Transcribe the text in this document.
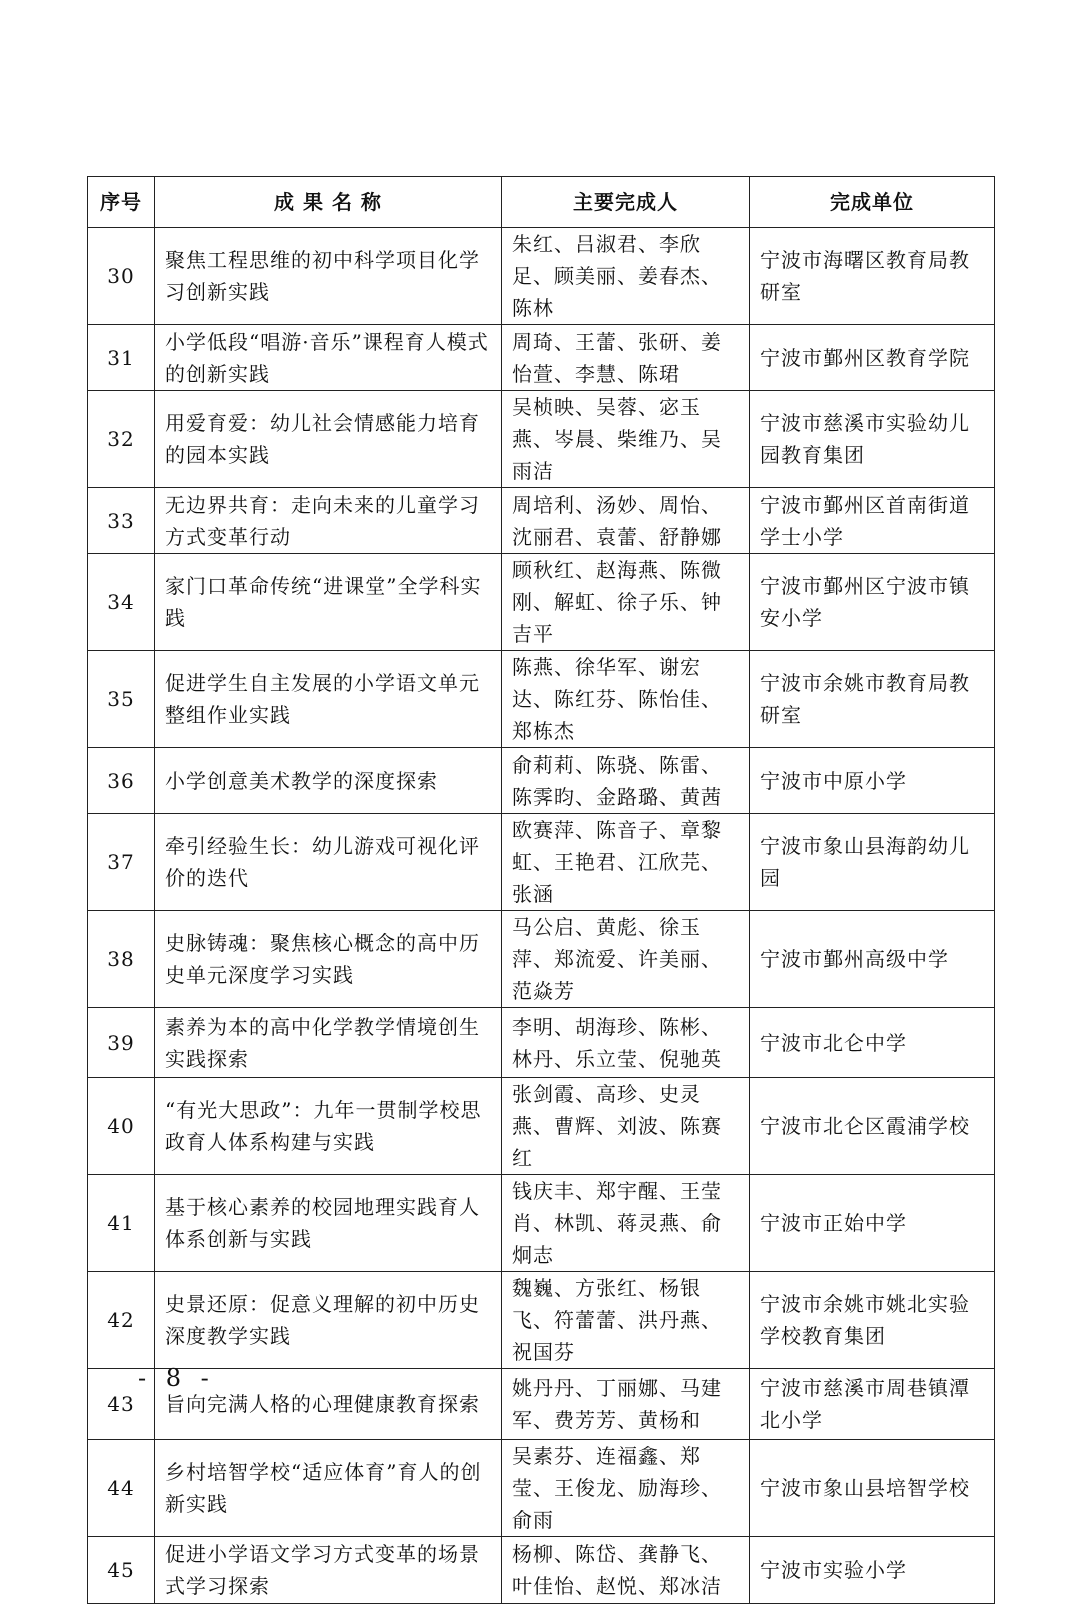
序号	成 果 名 称	主要完成人	完成单位
30	聚焦工程思维的初中科学项目化学习创新实践	朱红、吕淑君、李欣足、顾美丽、姜春杰、陈林	宁波市海曙区教育局教研室
31	小学低段“唱游·音乐”课程育人模式的创新实践	周琦、王蕾、张研、姜怡萱、李慧、陈珺	宁波市鄞州区教育学院
32	用爱育爱：幼儿社会情感能力培育的园本实践	吴桢映、吴蓉、宓玉燕、岑晨、柴维乃、吴雨洁	宁波市慈溪市实验幼儿园教育集团
33	无边界共育：走向未来的儿童学习方式变革行动	周培利、汤妙、周怡、沈丽君、袁蕾、舒静娜	宁波市鄞州区首南街道学士小学
34	家门口革命传统“进课堂”全学科实践	顾秋红、赵海燕、陈微刚、解虹、徐子乐、钟吉平	宁波市鄞州区宁波市镇安小学
35	促进学生自主发展的小学语文单元整组作业实践	陈燕、徐华军、谢宏达、陈红芬、陈怡佳、郑栋杰	宁波市余姚市教育局教研室
36	小学创意美术教学的深度探索	俞莉莉、陈骁、陈雷、陈霁昀、金路璐、黄茜	宁波市中原小学
37	牵引经验生长：幼儿游戏可视化评价的迭代	欧赛萍、陈音子、章黎虹、王艳君、江欣芫、张涵	宁波市象山县海韵幼儿园
38	史脉铸魂：聚焦核心概念的高中历史单元深度学习实践	马公启、黄彪、徐玉萍、郑流爱、许美丽、范焱芳	宁波市鄞州高级中学
39	素养为本的高中化学教学情境创生实践探索	李明、胡海珍、陈彬、林丹、乐立莹、倪驰英	宁波市北仑中学
40	“有光大思政”：九年一贯制学校思政育人体系构建与实践	张剑霞、高珍、史灵燕、曹辉、刘波、陈赛红	宁波市北仑区霞浦学校
41	基于核心素养的校园地理实践育人体系创新与实践	钱庆丰、郑宇醒、王莹肖、林凯、蒋灵燕、俞炯志	宁波市正始中学
42	史景还原：促意义理解的初中历史深度教学实践	魏巍、方张红、杨银飞、符蕾蕾、洪丹燕、祝国芬	宁波市余姚市姚北实验学校教育集团
43	旨向完满人格的心理健康教育探索	姚丹丹、丁丽娜、马建军、费芳芳、黄杨和	宁波市慈溪市周巷镇潭北小学
44	乡村培智学校“适应体育”育人的创新实践	吴素芬、连福鑫、郑莹、王俊龙、励海珍、俞雨	宁波市象山县培智学校
45	促进小学语文学习方式变革的场景式学习探索	杨柳、陈岱、龚静飞、叶佳怡、赵悦、郑冰洁	宁波市实验小学
- 8 -
